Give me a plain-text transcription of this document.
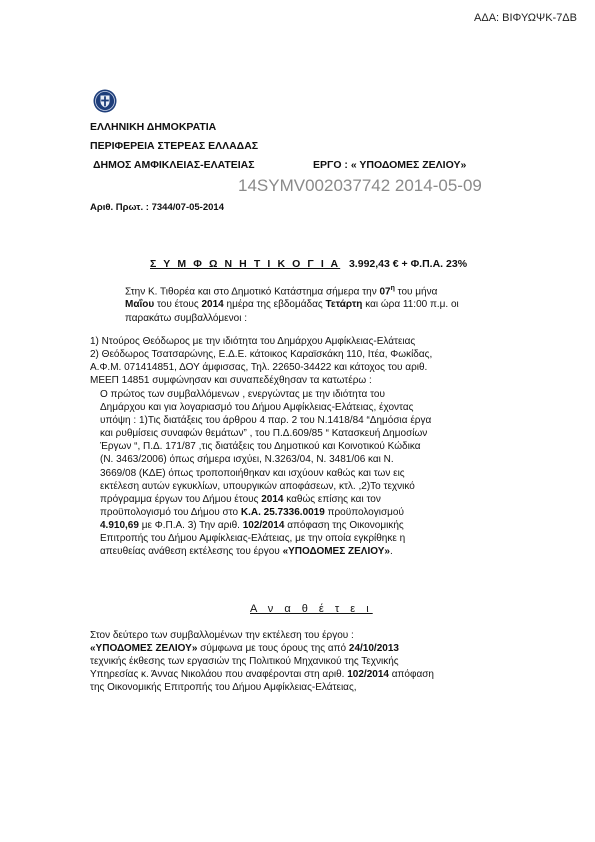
ΑΔΑ: ΒΙΦΥΩΨΚ-7ΔΒ
ΕΛΛΗΝΙΚΗ ΔΗΜΟΚΡΑΤΙΑ
ΠΕΡΙΦΕΡΕΙΑ ΣΤΕΡΕΑΣ ΕΛΛΑΔΑΣ
ΔΗΜΟΣ ΑΜΦΙΚΛΕΙΑΣ-ΕΛΑΤΕΙΑΣ	ΕΡΓΟ : « ΥΠΟΔΟΜΕΣ ΖΕΛΙΟΥ»
14SYMV002037742 2014-05-09
Αριθ. Πρωτ. : 7344/07-05-2014
Σ Υ Μ Φ Ω Ν Η Τ Ι Κ Ο Γ Ι Α 3.992,43 € + Φ.Π.Α. 23%
Στην Κ. Τιθορέα και στο Δημοτικό Κατάστημα σήμερα την $07^\eta$ του μήνα
Μαΐου του έτους 2014 ημέρα της εβδομάδας Τετάρτη και ώρα 11:00 π.μ. οι
παρακάτω συμβαλλόμενοι :
1) Ντούρος Θεόδωρος με την ιδιότητα του Δημάρχου Αμφίκλειας-Ελάτειας
2) Θεόδωρος Τσατσαρώνης, Ε.Δ.Ε. κάτοικος Καραϊσκάκη 110, Ιτέα, Φωκίδας,
Α.Φ.Μ. 071414851, ΔΟΥ άμφισσας, Τηλ. 22650-34422 και κάτοχος του αριθ.
ΜΕΕΠ 14851 συμφώνησαν και συναπεδέχθησαν τα κατωτέρω :
Ο πρώτος των συμβαλλόμενων , ενεργώντας με την ιδιότητα του
Δημάρχου και για λογαριασμό του Δήμου Αμφίκλειας-Ελάτειας, έχοντας
υπόψη : 1)Τις διατάξεις του άρθρου 4 παρ. 2 του Ν.1418/84 “Δημόσια έργα
και ρυθμίσεις συναφών θεμάτων” , του Π.Δ.609/85 “ Κατασκευή Δημοσίων
Έργων “, Π.Δ. 171/87 ,τις διατάξεις του Δημοτικού και Κοινοτικού Κώδικα
(Ν. 3463/2006) όπως σήμερα ισχύει, Ν.3263/04, Ν. 3481/06 και Ν.
3669/08 (ΚΔΕ) όπως τροποποιήθηκαν και ισχύουν καθώς και των εις
εκτέλεση αυτών εγκυκλίων, υπουργικών αποφάσεων, κτλ. ,2)Το τεχνικό
πρόγραμμα έργων του Δήμου έτους 2014 καθώς επίσης και τον
προϋπολογισμό του Δήμου στο Κ.Α. 25.7336.0019 προϋπολογισμού
4.910,69 με Φ.Π.Α. 3) Την αριθ. 102/2014 απόφαση της Οικονομικής
Επιτροπής του Δήμου Αμφίκλειας-Ελάτειας, με την οποία εγκρίθηκε η
απευθείας ανάθεση εκτέλεσης του έργου «ΥΠΟΔΟΜΕΣ ΖΕΛΙΟΥ».
Α ν α θ έ τ ε ι
Στον δεύτερο των συμβαλλομένων την εκτέλεση του έργου :
«ΥΠΟΔΟΜΕΣ ΖΕΛΙΟΥ» σύμφωνα με τους όρους της από 24/10/2013
τεχνικής έκθεσης των εργασιών της Πολιτικού Μηχανικού της Τεχνικής
Υπηρεσίας κ. Άννας Νικολάου που αναφέρονται στη αριθ. 102/2014 απόφαση
της Οικονομικής Επιτροπής του Δήμου Αμφίκλειας-Ελάτειας,
